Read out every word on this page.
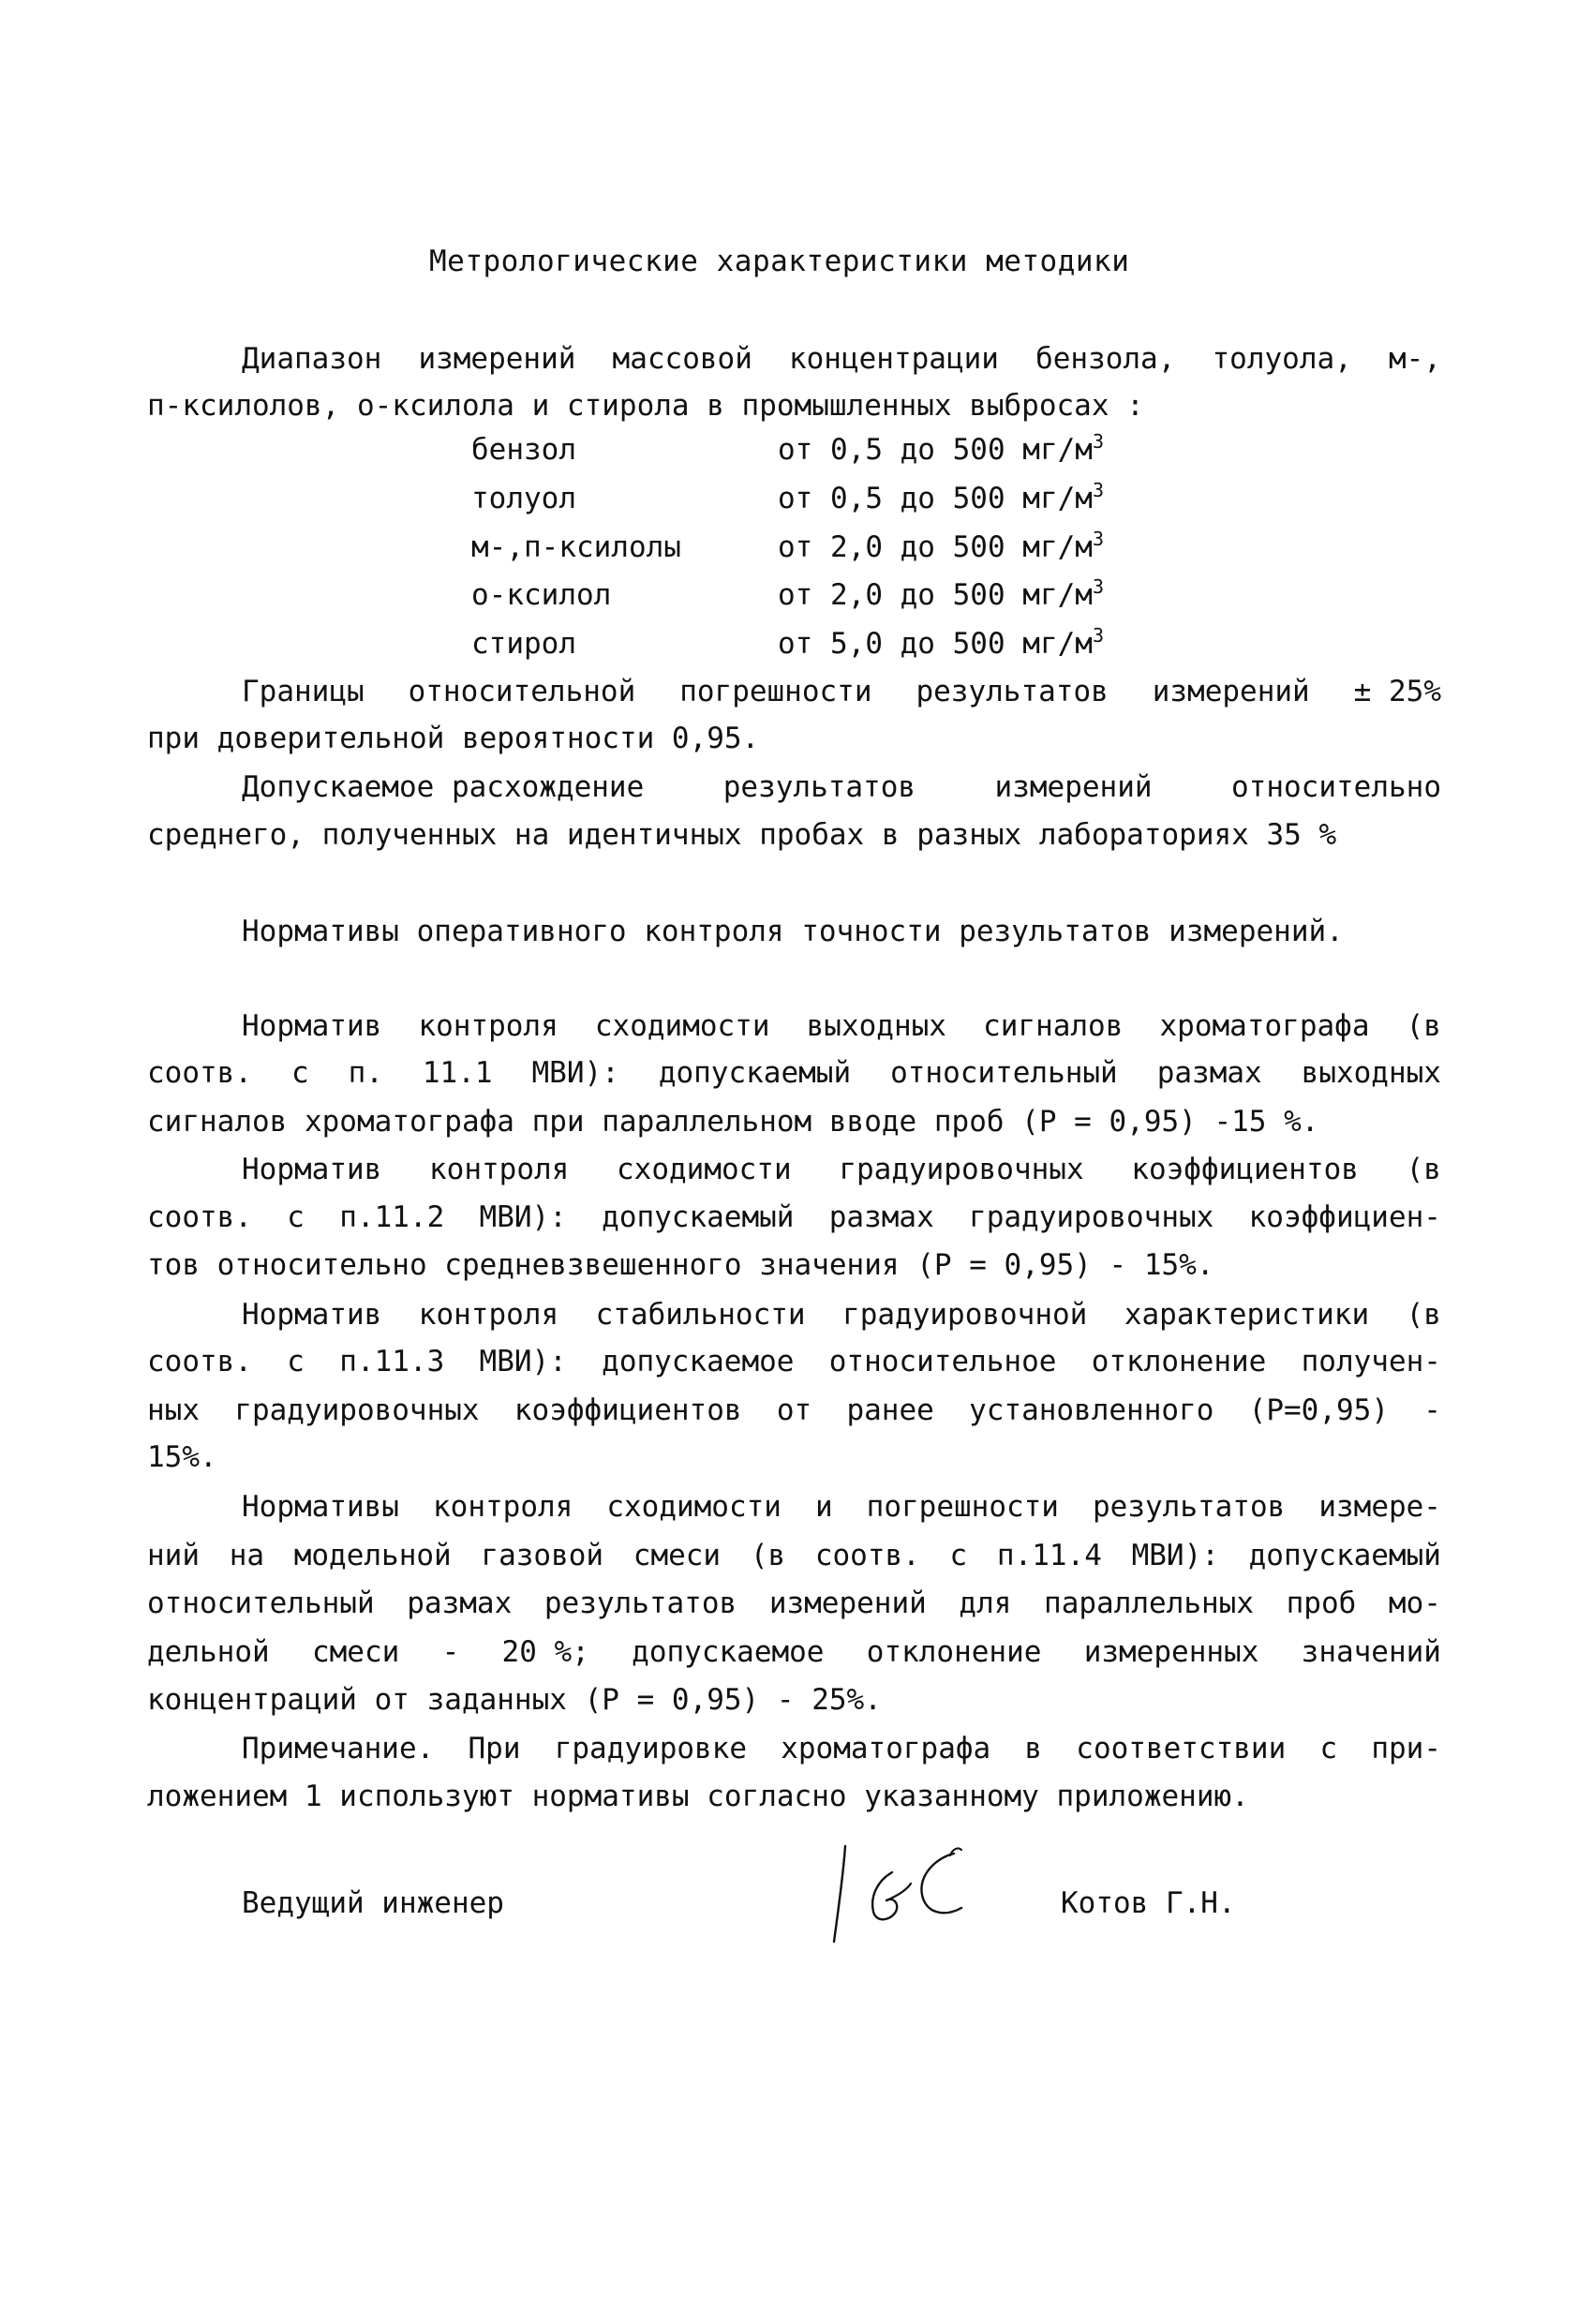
Метрологические характеристики методики
Диапазон измерений массовой концентрации бензола, толуола, м-,
п-ксилолов, о-ксилола и стирола в промышленных выбросах :
бензол	от 0,5 до 500 $мг/м^3$
толуол	от 0,5 до 500 $мг/м^3$
м-,п-ксилолы	от 2,0 до 500 $мг/м^3$
о-ксилол	от 2,0 до 500 $мг/м^3$
стирол	от 5,0 до 500 $мг/м^3$
Границы относительной погрешности результатов измерений ± 25%
при доверительной вероятности 0,95.
Допускаемое расхождение	результатов	измерений	относительно
среднего, полученных на идентичных пробах в разных лабораториях 35 %
Нормативы оперативного контроля точности результатов измерений.
Норматив контроля сходимости выходных сигналов хроматографа (в
соотв. с п. 11.1 МВИ): допускаемый относительный размах выходных
сигналов хроматографа при параллельном вводе проб (Р = 0,95) -15 %.
Норматив контроля сходимости градуировочных коэффициентов (в
соотв. с п.11.2 МВИ): допускаемый размах градуировочных коэффициен-
тов относительно средневзвешенного значения (Р = 0,95) - 15%.
Норматив контроля стабильности градуировочной характеристики (в
соотв. с п.11.3 МВИ): допускаемое относительное отклонение получен-
ных градуировочных коэффициентов от ранее установленного (Р=0,95) -
15%.
Нормативы контроля сходимости и погрешности результатов измере-
ний на модельной газовой смеси (в соотв. с п.11.4 МВИ): допускаемый
относительный размах результатов измерений для параллельных проб мо-
дельной смеси - 20 %; допускаемое отклонение измеренных значений
концентраций от заданных (Р = 0,95) - 25%.
Примечание. При градуировке хроматографа в соответствии с при-
ложением 1 используют нормативы согласно указанному приложению.
Ведущий инженер	Котов Г.Н.
